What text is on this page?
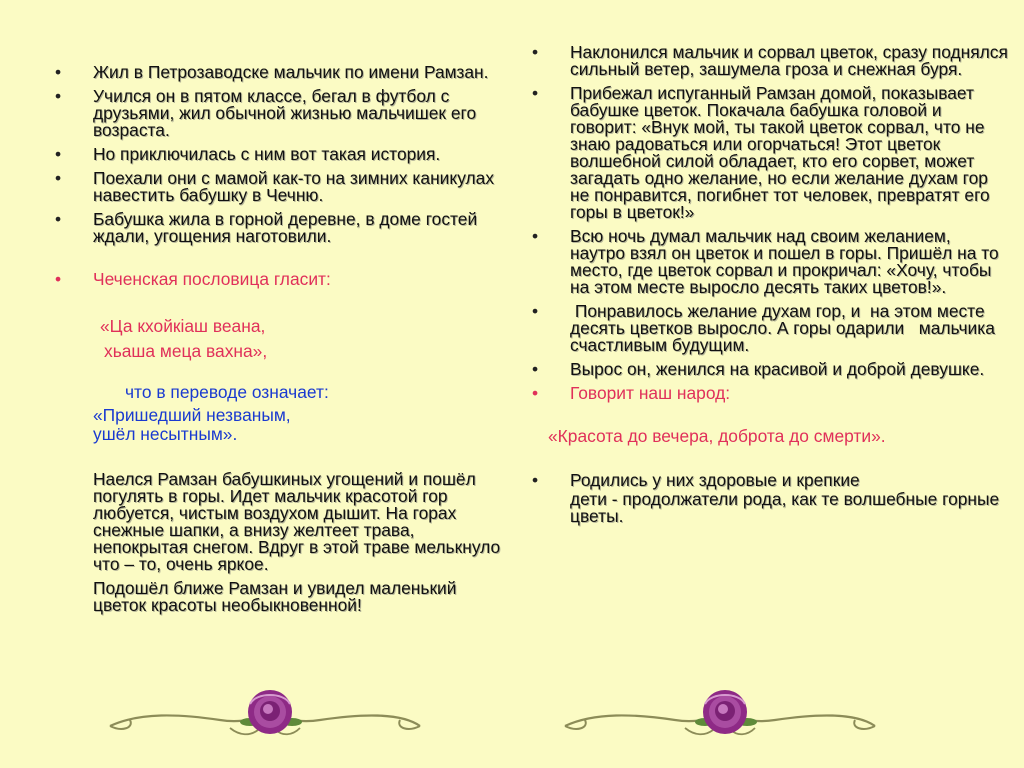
• Жил в Петрозаводске мальчик по имени Рамзан.
• Учился он в пятом классе, бегал в футбол с друзьями, жил обычной жизнью мальчишек его возраста.
• Но приключилась с ним вот такая история.
• Поехали они с мамой как-то на зимних каникулах навестить бабушку в Чечню.
• Бабушка жила в горной деревне, в доме гостей ждали, угощения наготовили.
• Чеченская пословица гласит:
«Ца кхойкiаш веана,
хьаша меца вахна»,
что в переводе означает:
«Пришедший незваным,
ушёл несытным».
Наелся Рамзан бабушкиных угощений и пошёл погулять в горы. Идет мальчик красотой гор любуется, чистым воздухом дышит. На горах снежные шапки, а внизу желтеет трава, непокрытая снегом. Вдруг в этой траве мелькнуло что – то, очень яркое.
Подошёл ближе Рамзан и увидел маленький цветок красоты необыкновенной!
• Наклонился мальчик и сорвал цветок, сразу поднялся сильный ветер, зашумела гроза и снежная буря.
• Прибежал испуганный Рамзан домой, показывает бабушке цветок. Покачала бабушка головой и говорит: «Внук мой, ты такой цветок сорвал, что не знаю радоваться или огорчаться! Этот цветок волшебной силой обладает, кто его сорвет, может загадать одно желание, но если желание духам гор не понравится, погибнет тот человек, превратят его горы в цветок!»
• Всю ночь думал мальчик над своим желанием, наутро взял он цветок и пошел в горы. Пришёл на то место, где цветок сорвал и прокричал: «Хочу, чтобы на этом месте выросло десять таких цветов!».
•  Понравилось желание духам гор, и  на этом месте десять цветков выросло. А горы одарили   мальчика счастливым будущим.
• Вырос он, женился на красивой и доброй девушке.
• Говорит наш народ:
«Красота до вечера, доброта до смерти».
• Родились у них здоровые и крепкие
дети - продолжатели рода, как те волшебные горные цветы.
